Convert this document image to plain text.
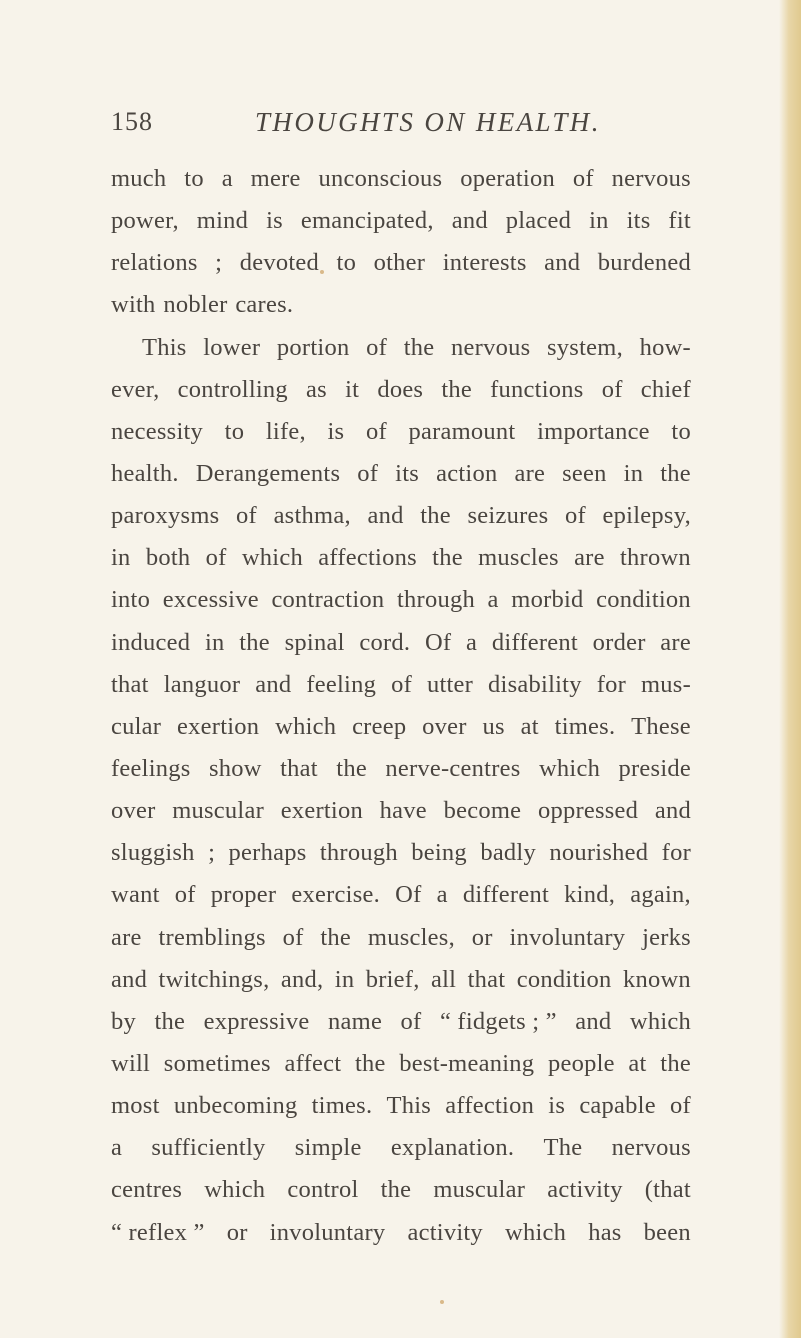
158	THOUGHTS ON HEALTH.
much to a mere unconscious operation of nervous
power, mind is emancipated, and placed in its fit
relations ; devoted to other interests and burdened
with nobler cares.
This lower portion of the nervous system, how-
ever, controlling as it does the functions of chief
necessity to life, is of paramount importance to
health. Derangements of its action are seen in the
paroxysms of asthma, and the seizures of epilepsy,
in both of which affections the muscles are thrown
into excessive contraction through a morbid condition
induced in the spinal cord. Of a different order are
that languor and feeling of utter disability for mus-
cular exertion which creep over us at times. These
feelings show that the nerve-centres which preside
over muscular exertion have become oppressed and
sluggish ; perhaps through being badly nourished for
want of proper exercise. Of a different kind, again,
are tremblings of the muscles, or involuntary jerks
and twitchings, and, in brief, all that condition known
by the expressive name of “ fidgets ; ” and which
will sometimes affect the best-meaning people at the
most unbecoming times. This affection is capable of
a sufficiently simple explanation. The nervous
centres which control the muscular activity (that
“ reflex ” or involuntary activity which has been
